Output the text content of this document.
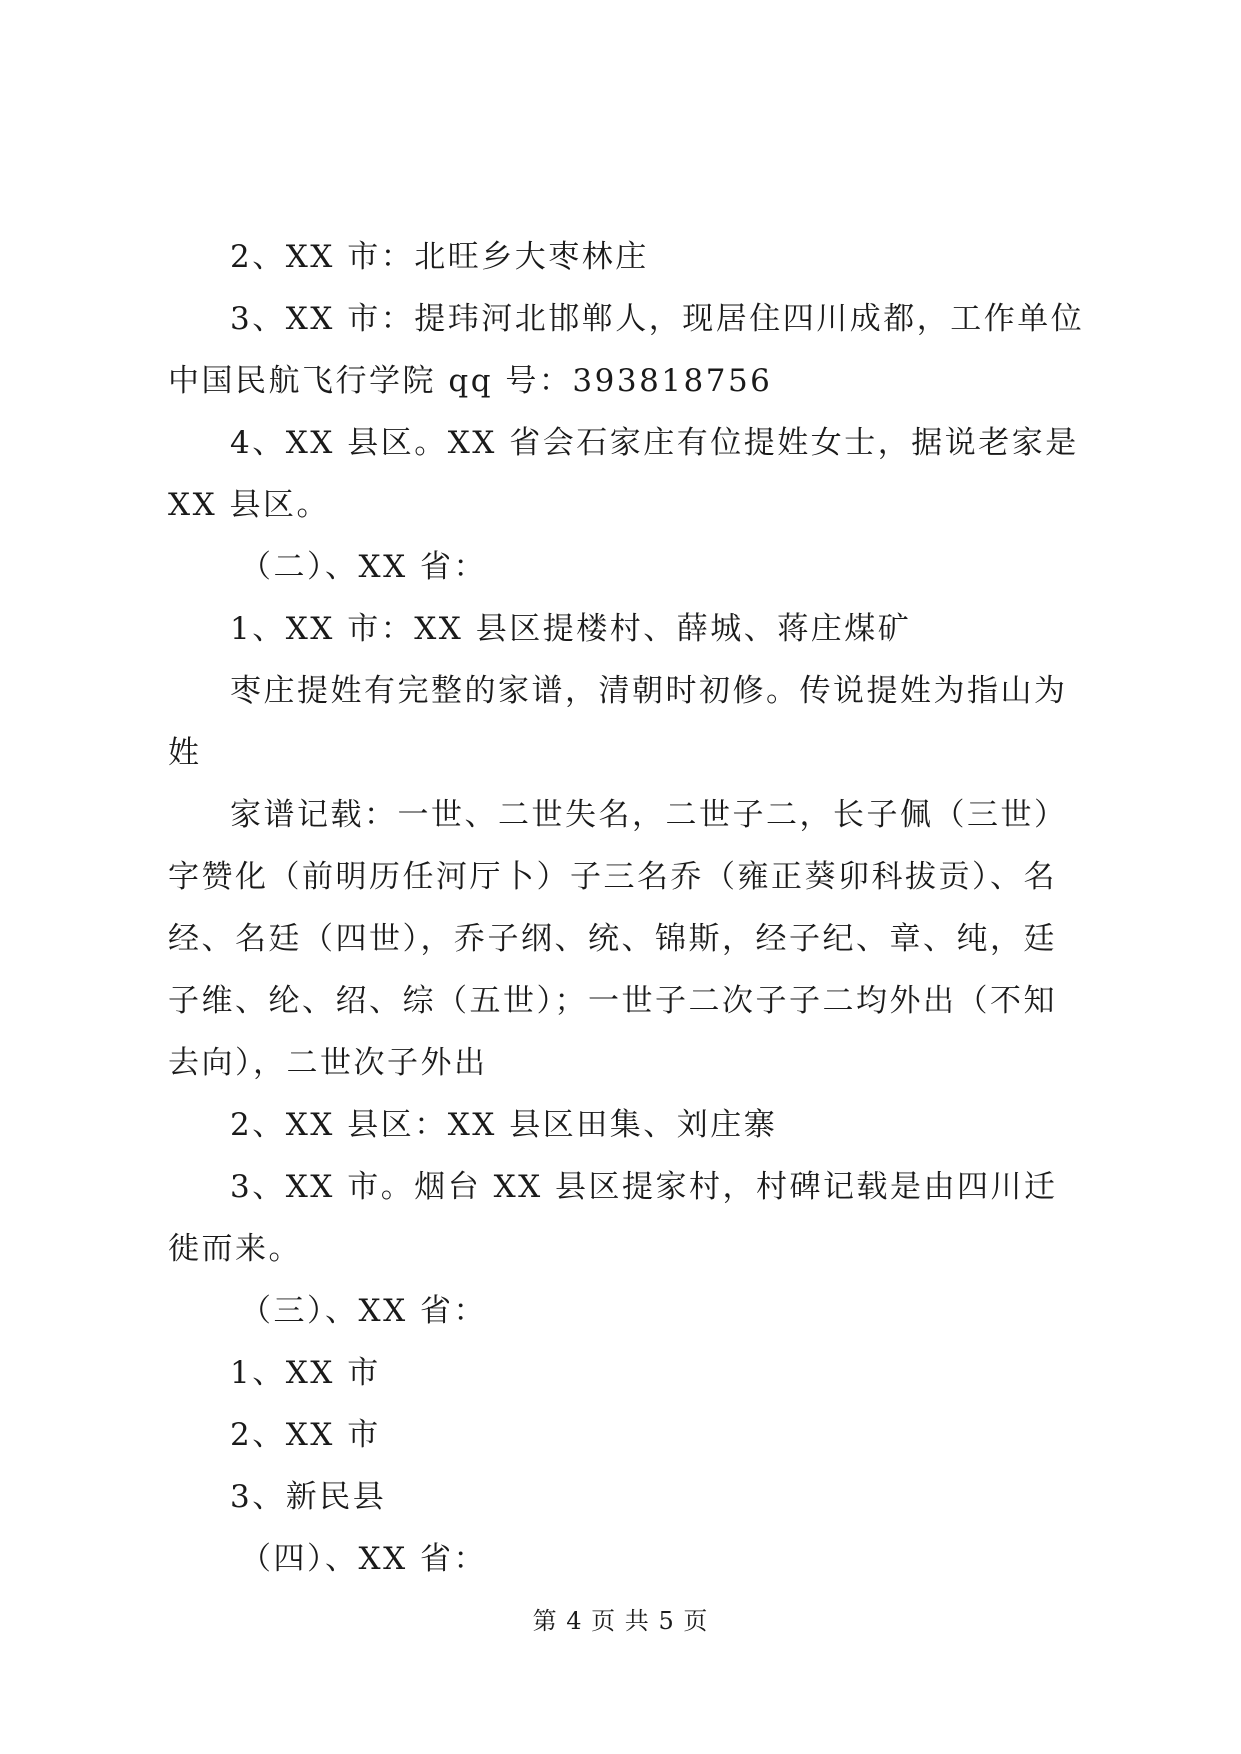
2、XX 市：北旺乡大枣林庄

3、XX 市：提玮河北邯郸人，现居住四川成都，工作单位中国民航飞行学院 qq 号：393818756

4、XX 县区。XX 省会石家庄有位提姓女士，据说老家是 XX 县区。

（二）、XX 省：

1、XX 市：XX 县区提楼村、薛城、蒋庄煤矿

枣庄提姓有完整的家谱，清朝时初修。传说提姓为指山为姓

家谱记载：一世、二世失名，二世子二，长子佩（三世）字赞化（前明历任河厅卜）子三名乔（雍正葵卯科拔贡）、名经、名廷（四世），乔子纲、统、锦斯，经子纪、章、纯，廷子维、纶、绍、综（五世）；一世子二次子子二均外出（不知去向），二世次子外出

2、XX 县区：XX 县区田集、刘庄寨

3、XX 市。烟台 XX 县区提家村，村碑记载是由四川迁徙而来。

（三）、XX 省：

1、XX 市

2、XX 市

3、新民县

（四）、XX 省：

第 4 页 共 5 页
